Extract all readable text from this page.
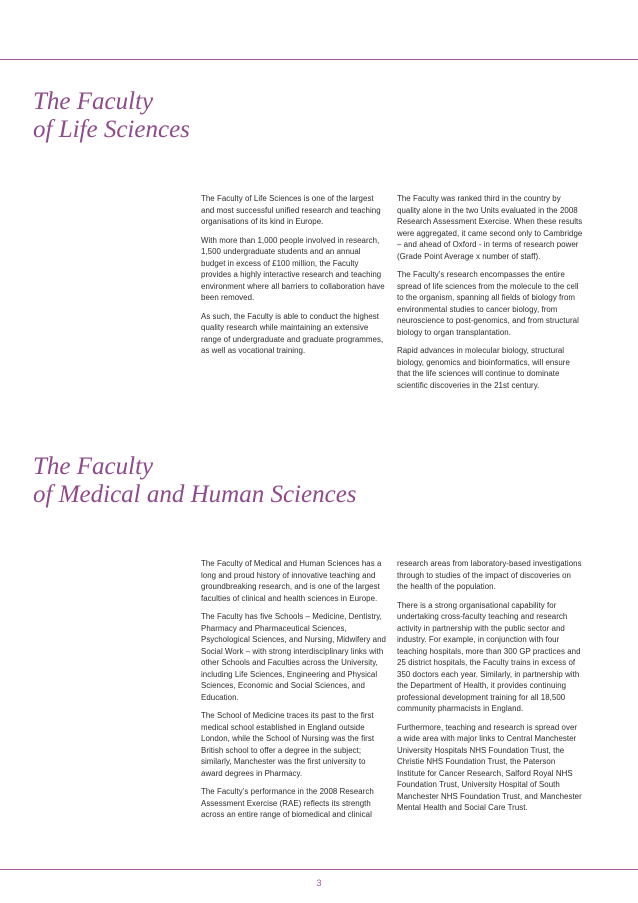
The Faculty
of Life Sciences

The Faculty of Life Sciences is one of the largest and most successful unified research and teaching organisations of its kind in Europe.

With more than 1,000 people involved in research, 1,500 undergraduate students and an annual budget in excess of £100 million, the Faculty provides a highly interactive research and teaching environment where all barriers to collaboration have been removed.

As such, the Faculty is able to conduct the highest quality research while maintaining an extensive range of undergraduate and graduate programmes, as well as vocational training.

The Faculty was ranked third in the country by quality alone in the two Units evaluated in the 2008 Research Assessment Exercise. When these results were aggregated, it came second only to Cambridge – and ahead of Oxford - in terms of research power (Grade Point Average x number of staff).

The Faculty’s research encompasses the entire spread of life sciences from the molecule to the cell to the organism, spanning all fields of biology from environmental studies to cancer biology, from neuroscience to post-genomics, and from structural biology to organ transplantation.

Rapid advances in molecular biology, structural biology, genomics and bioinformatics, will ensure that the life sciences will continue to dominate scientific discoveries in the 21st century.

The Faculty
of Medical and Human Sciences

The Faculty of Medical and Human Sciences has a long and proud history of innovative teaching and groundbreaking research, and is one of the largest faculties of clinical and health sciences in Europe.

The Faculty has five Schools – Medicine, Dentistry, Pharmacy and Pharmaceutical Sciences, Psychological Sciences, and Nursing, Midwifery and Social Work – with strong interdisciplinary links with other Schools and Faculties across the University, including Life Sciences, Engineering and Physical Sciences, Economic and Social Sciences, and Education.

The School of Medicine traces its past to the first medical school established in England outside London, while the School of Nursing was the first British school to offer a degree in the subject; similarly, Manchester was the first university to award degrees in Pharmacy.

The Faculty’s performance in the 2008 Research Assessment Exercise (RAE) reflects its strength across an entire range of biomedical and clinical

research areas from laboratory-based investigations through to studies of the impact of discoveries on the health of the population.

There is a strong organisational capability for undertaking cross-faculty teaching and research activity in partnership with the public sector and industry. For example, in conjunction with four teaching hospitals, more than 300 GP practices and 25 district hospitals, the Faculty trains in excess of 350 doctors each year. Similarly, in partnership with the Department of Health, it provides continuing professional development training for all 18,500 community pharmacists in England.

Furthermore, teaching and research is spread over a wide area with major links to Central Manchester University Hospitals NHS Foundation Trust, the Christie NHS Foundation Trust, the Paterson Institute for Cancer Research, Salford Royal NHS Foundation Trust, University Hospital of South Manchester NHS Foundation Trust, and Manchester Mental Health and Social Care Trust.

3
